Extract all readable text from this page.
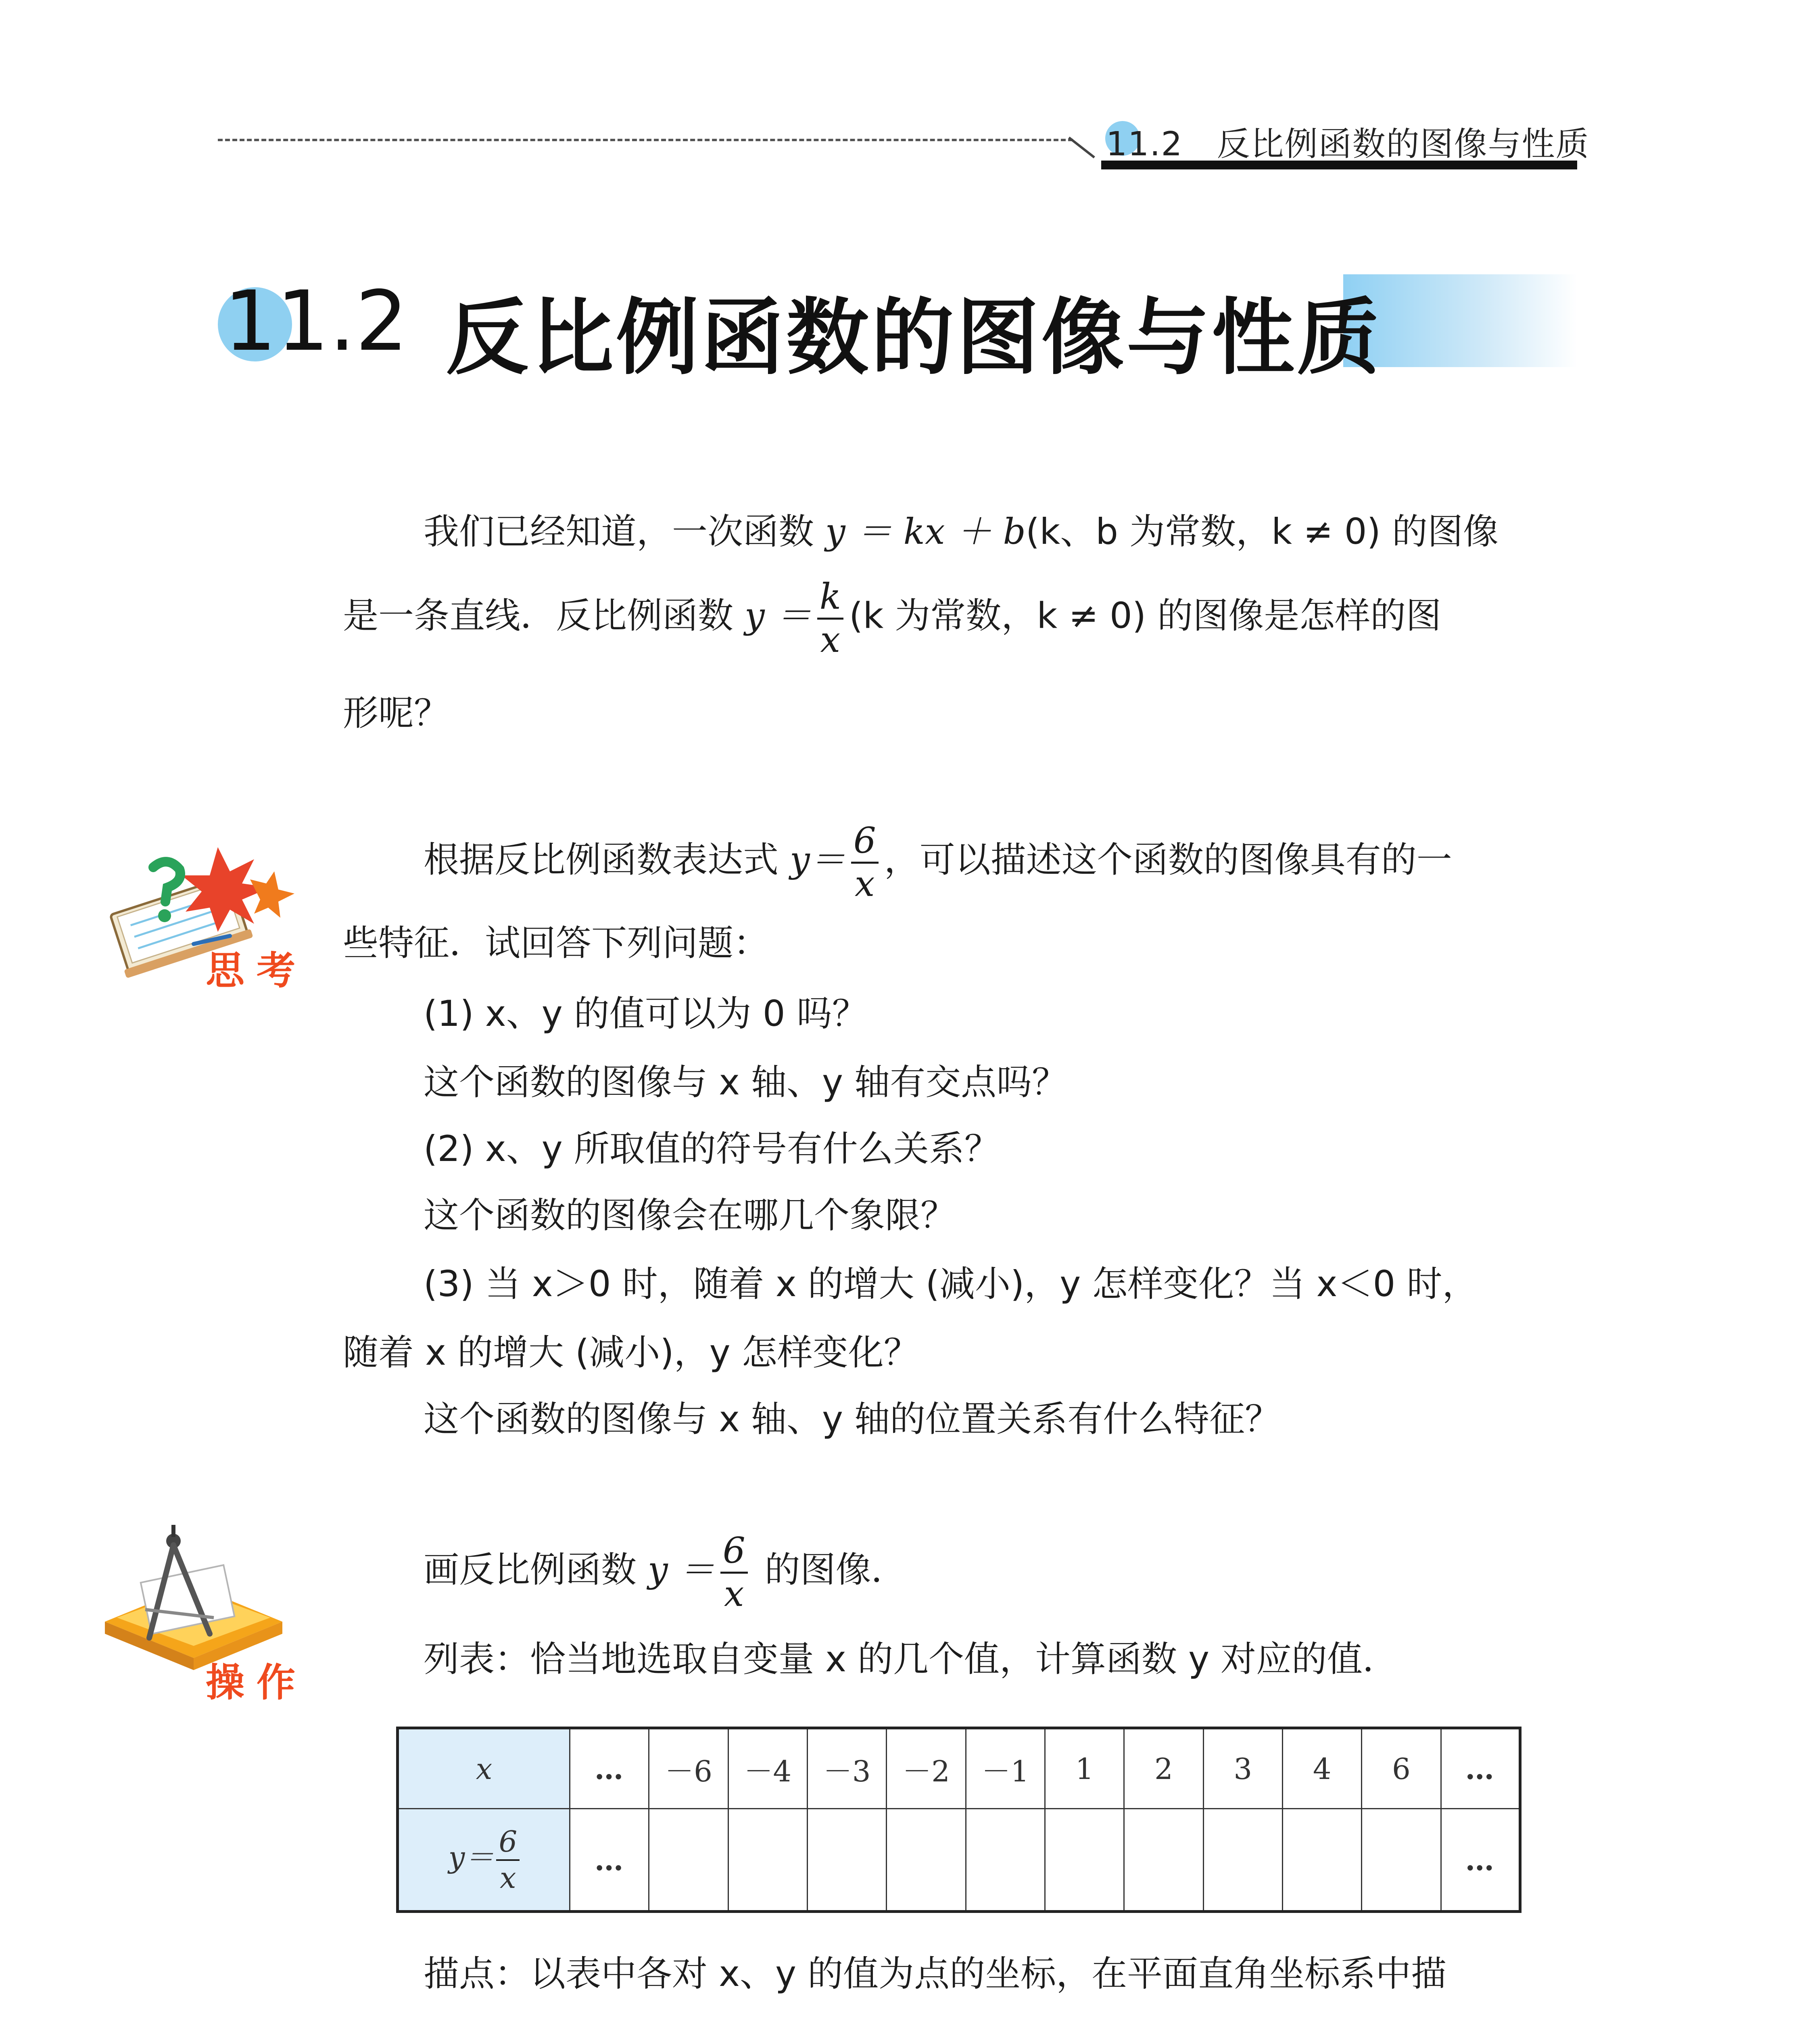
11.2　反比例函数的图像与性质
11.2 反比例函数的图像与性质
我们已经知道，一次函数 y ＝ kx ＋ b(k、b 为常数，k ≠ 0) 的图像
是一条直线．反比例函数 $y = \frac{k}{x} (k$ 为常数，k ≠ 0) 的图像是怎样的图
形呢？
思考
根据反比例函数表达式 $y= \frac{6}{x}$ ，可以描述这个函数的图像具有的一
些特征．试回答下列问题：
(1) x、y 的值可以为 0 吗？
这个函数的图像与 x 轴、y 轴有交点吗？
(2) x、y 所取值的符号有什么关系？
这个函数的图像会在哪几个象限？
(3) 当 x＞0 时，随着 x 的增大 (减小)，y 怎样变化？当 x＜0 时，
随着 x 的增大 (减小)，y 怎样变化？
这个函数的图像与 x 轴、y 轴的位置关系有什么特征？
操作
画反比例函数 $y = \frac{6}{x}$ 的图像．
列表：恰当地选取自变量 x 的几个值，计算函数 y 对应的值．
x	…	－6	－4	－3	－2	－1	1	2	3	4	6	…
$y= \frac{6}{x}$	…											…
描点：以表中各对 x、y 的值为点的坐标，在平面直角坐标系中描
